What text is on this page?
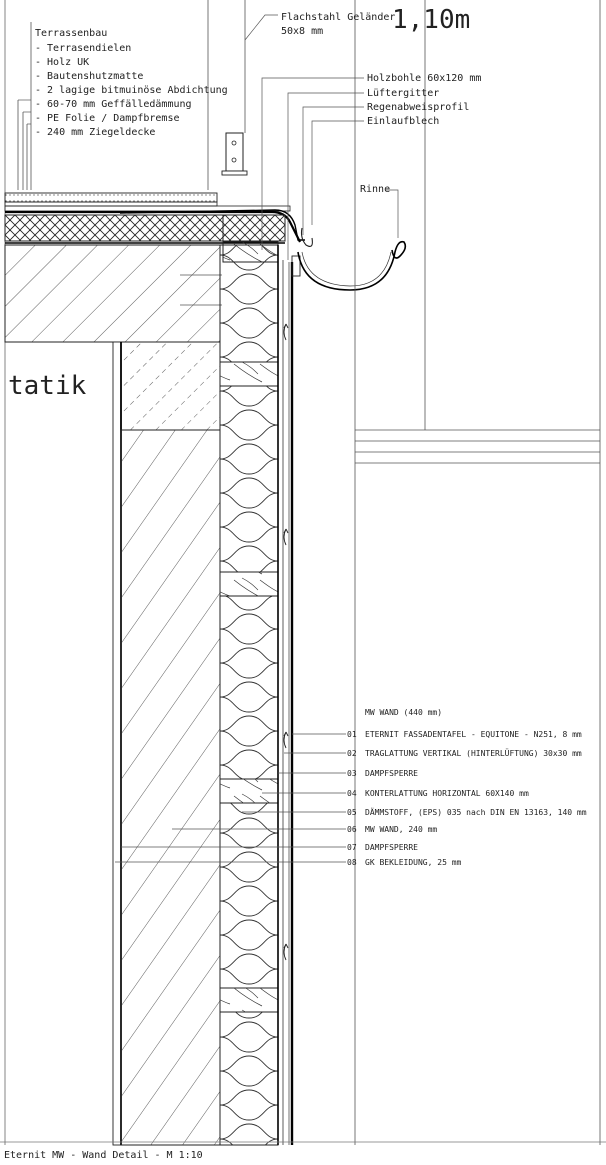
Terrassenbau
- Terrasendielen
- Holz UK
- Bautenshutzmatte
- 2 lagige bitmuinöse Abdichtung
- 60-70 mm Geffälledämmung
- PE Folie / Dampfbremse
- 240 mm Ziegeldecke
tatik
1,10m
Flachstahl Geländer
50x8 mm
Holzbohle 60x120 mm
Lüftergitter
Regenabweisprofil
Einlaufblech
Rinne
MW WAND (440 mm)
01 ETERNIT FASSADENTAFEL - EQUITONE - N251, 8 mm
02 TRAGLATTUNG VERTIKAL (HINTERLÜFTUNG) 30x30 mm
03 DAMPFSPERRE
04 KONTERLATTUNG HORIZONTAL 60X140 mm
05 DÄMMSTOFF, (EPS) 035 nach DIN EN 13163, 140 mm
06 MW WAND, 240 mm
07 DAMPFSPERRE
08 GK BEKLEIDUNG, 25 mm
Eternit MW - Wand Detail - M 1:10
